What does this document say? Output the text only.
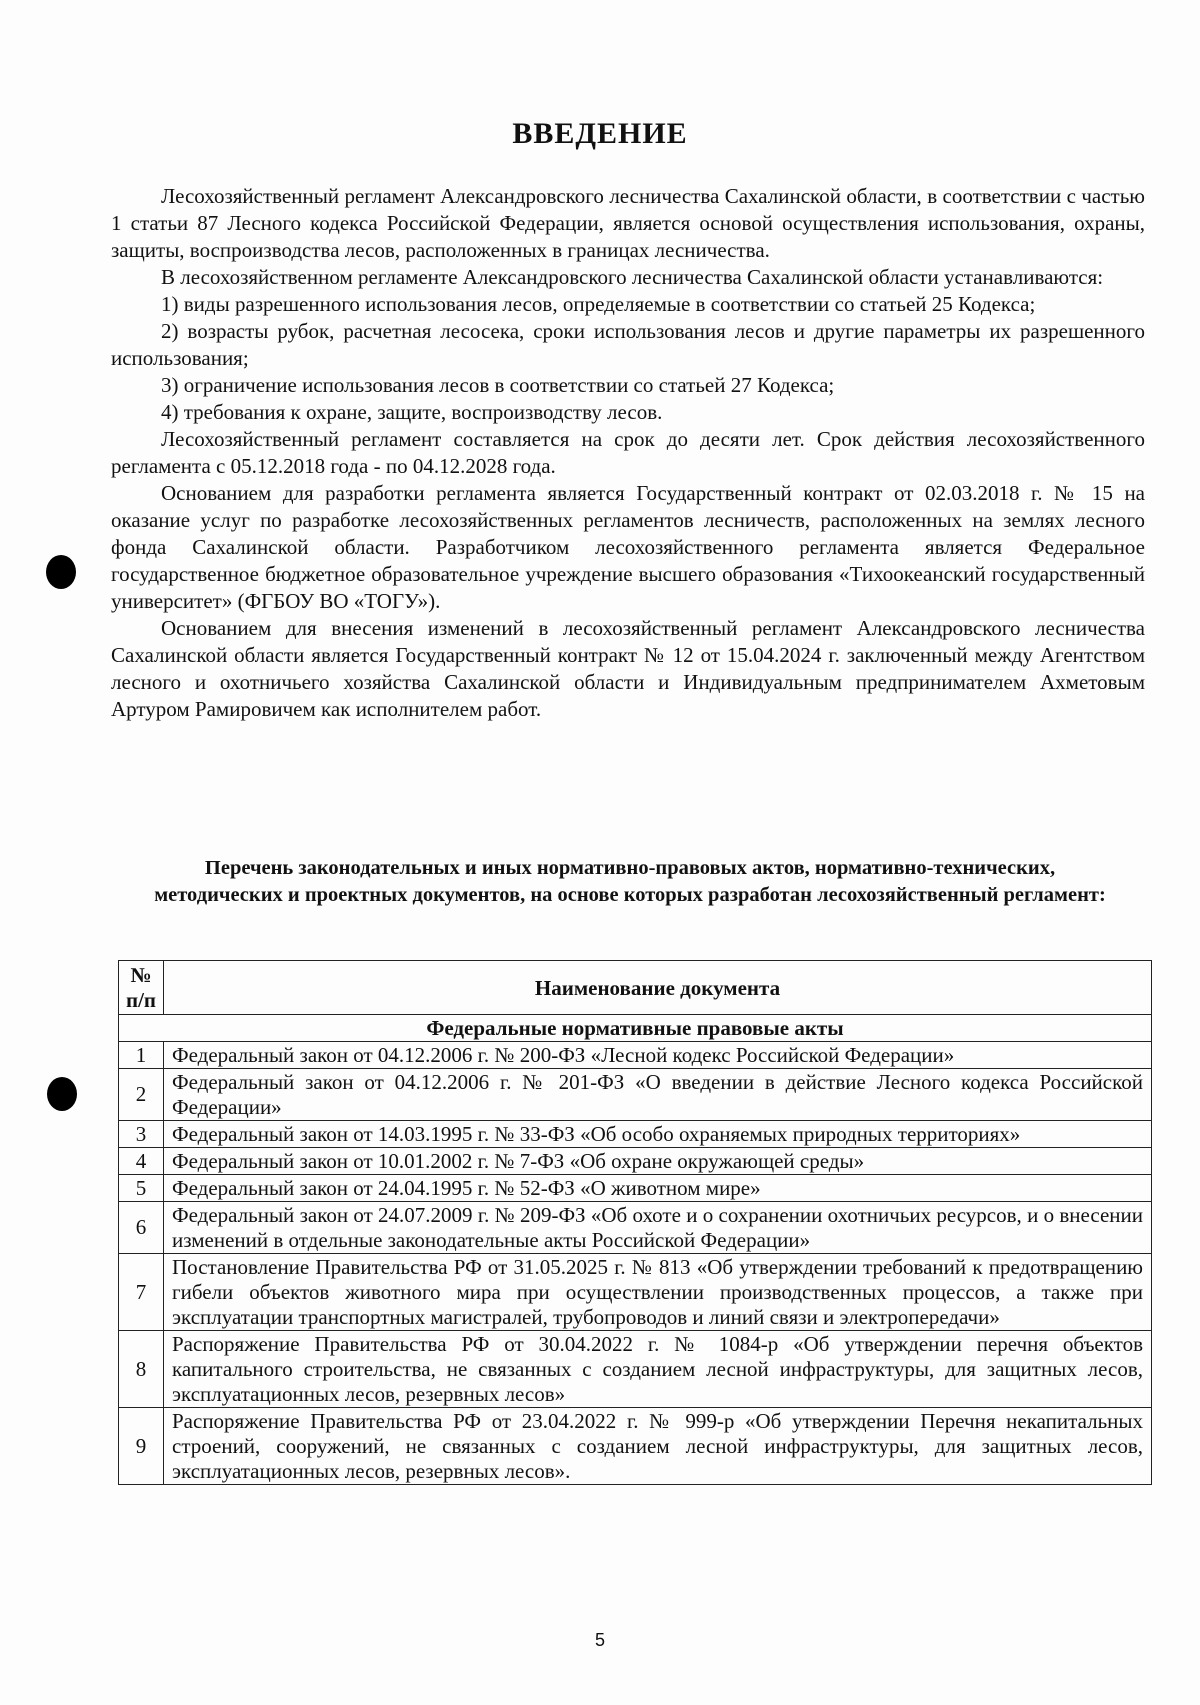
ВВЕДЕНИЕ

Лесохозяйственный регламент Александровского лесничества Сахалинской области, в соответствии с частью 1 статьи 87 Лесного кодекса Российской Федерации, является основой осуществления использования, охраны, защиты, воспроизводства лесов, расположенных в границах лесничества.

В лесохозяйственном регламенте Александровского лесничества Сахалинской области устанавливаются:

1) виды разрешенного использования лесов, определяемые в соответствии со статьей 25 Кодекса;

2) возрасты рубок, расчетная лесосека, сроки использования лесов и другие параметры их разрешенного использования;

3) ограничение использования лесов в соответствии со статьей 27 Кодекса;

4) требования к охране, защите, воспроизводству лесов.

Лесохозяйственный регламент составляется на срок до десяти лет. Срок действия лесохозяйственного регламента с 05.12.2018 года - по 04.12.2028 года.

Основанием для разработки регламента является Государственный контракт от 02.03.2018 г. № 15 на оказание услуг по разработке лесохозяйственных регламентов лесничеств, расположенных на землях лесного фонда Сахалинской области. Разработчиком лесохозяйственного регламента является Федеральное государственное бюджетное образовательное учреждение высшего образования «Тихоокеанский государственный университет» (ФГБОУ ВО «ТОГУ»).

Основанием для внесения изменений в лесохозяйственный регламент Александровского лесничества Сахалинской области является Государственный контракт № 12 от 15.04.2024 г. заключенный между Агентством лесного и охотничьего хозяйства Сахалинской области и Индивидуальным предпринимателем Ахметовым Артуром Рамировичем как исполнителем работ.

Перечень законодательных и иных нормативно-правовых актов, нормативно-технических, методических и проектных документов, на основе которых разработан лесохозяйственный регламент:
№ п/п	Наименование документа
Федеральные нормативные правовые акты	
1	Федеральный закон от 04.12.2006 г. № 200-ФЗ «Лесной кодекс Российской Федерации»
2	Федеральный закон от 04.12.2006 г. № 201-ФЗ «О введении в действие Лесного кодекса Российской Федерации»
3	Федеральный закон от 14.03.1995 г. № 33-ФЗ «Об особо охраняемых природных территориях»
4	Федеральный закон от 10.01.2002 г. № 7-ФЗ «Об охране окружающей среды»
5	Федеральный закон от 24.04.1995 г. № 52-ФЗ «О животном мире»
6	Федеральный закон от 24.07.2009 г. № 209-ФЗ «Об охоте и о сохранении охотничьих ресурсов, и о внесении изменений в отдельные законодательные акты Российской Федерации»
7	Постановление Правительства РФ от 31.05.2025 г. № 813 «Об утверждении требований к предотвращению гибели объектов животного мира при осуществлении производственных процессов, а также при эксплуатации транспортных магистралей, трубопроводов и линий связи и электропередачи»
8	Распоряжение Правительства РФ от 30.04.2022 г. № 1084-р «Об утверждении перечня объектов капитального строительства, не связанных с созданием лесной инфраструктуры, для защитных лесов, эксплуатационных лесов, резервных лесов»
9	Распоряжение Правительства РФ от 23.04.2022 г. № 999-р «Об утверждении Перечня некапитальных строений, сооружений, не связанных с созданием лесной инфраструктуры, для защитных лесов, эксплуатационных лесов, резервных лесов».
5
